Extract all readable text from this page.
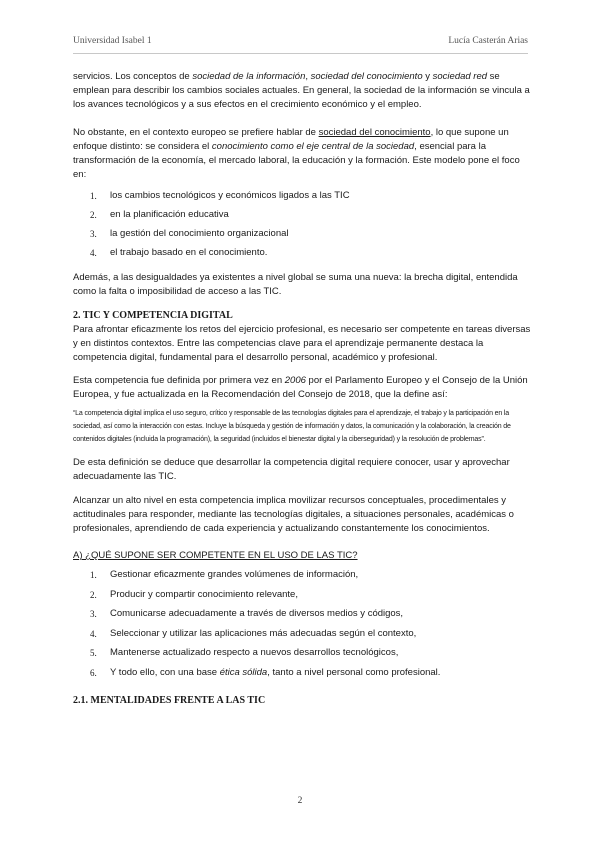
Universidad Isabel 1	Lucía Casterán Arias

servicios. Los conceptos de sociedad de la información, sociedad del conocimiento y sociedad red se emplean para describir los cambios sociales actuales. En general, la sociedad de la información se vincula a los avances tecnológicos y a sus efectos en el crecimiento económico y el empleo.

No obstante, en el contexto europeo se prefiere hablar de sociedad del conocimiento, lo que supone un enfoque distinto: se considera el conocimiento como el eje central de la sociedad, esencial para la transformación de la economía, el mercado laboral, la educación y la formación. Este modelo pone el foco en:

1. los cambios tecnológicos y económicos ligados a las TIC
2. en la planificación educativa
3. la gestión del conocimiento organizacional
4. el trabajo basado en el conocimiento.

Además, a las desigualdades ya existentes a nivel global se suma una nueva: la brecha digital, entendida como la falta o imposibilidad de acceso a las TIC.

2. TIC Y COMPETENCIA DIGITAL

Para afrontar eficazmente los retos del ejercicio profesional, es necesario ser competente en tareas diversas y en distintos contextos. Entre las competencias clave para el aprendizaje permanente destaca la competencia digital, fundamental para el desarrollo personal, académico y profesional.

Esta competencia fue definida por primera vez en 2006 por el Parlamento Europeo y el Consejo de la Unión Europea, y fue actualizada en la Recomendación del Consejo de 2018, que la define así:

“La competencia digital implica el uso seguro, crítico y responsable de las tecnologías digitales para el aprendizaje, el trabajo y la participación en la sociedad, así como la interacción con estas. Incluye la búsqueda y gestión de información y datos, la comunicación y la colaboración, la creación de contenidos digitales (incluida la programación), la seguridad (incluidos el bienestar digital y la ciberseguridad) y la resolución de problemas”.

De esta definición se deduce que desarrollar la competencia digital requiere conocer, usar y aprovechar adecuadamente las TIC.

Alcanzar un alto nivel en esta competencia implica movilizar recursos conceptuales, procedimentales y actitudinales para responder, mediante las tecnologías digitales, a situaciones personales, académicas o profesionales, aprendiendo de cada experiencia y actualizando constantemente los conocimientos.

A) ¿QUÉ SUPONE SER COMPETENTE EN EL USO DE LAS TIC?
1. Gestionar eficazmente grandes volúmenes de información,
2. Producir y compartir conocimiento relevante,
3. Comunicarse adecuadamente a través de diversos medios y códigos,
4. Seleccionar y utilizar las aplicaciones más adecuadas según el contexto,
5. Mantenerse actualizado respecto a nuevos desarrollos tecnológicos,
6. Y todo ello, con una base ética sólida, tanto a nivel personal como profesional.
2.1. MENTALIDADES FRENTE A LAS TIC
2
